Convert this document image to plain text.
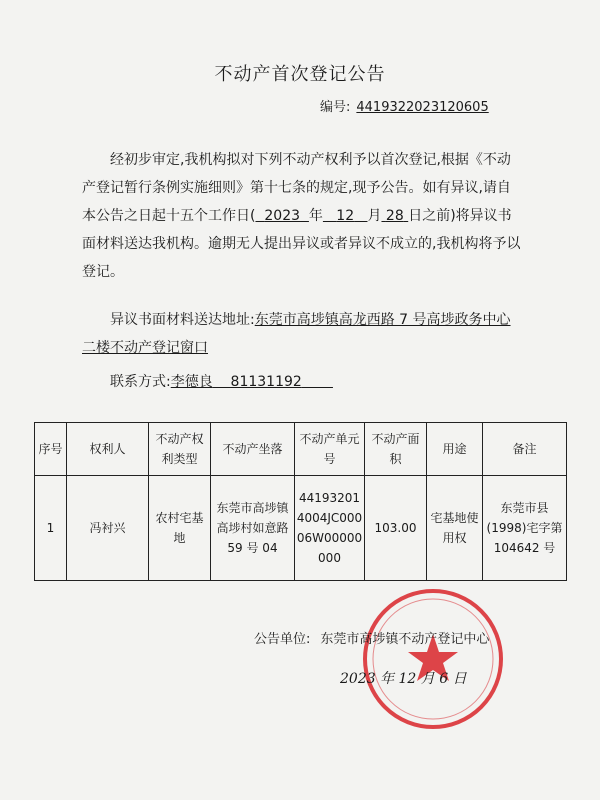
不动产首次登记公告
编号: 4419322023120605
经初步审定,我机构拟对下列不动产权利予以首次登记,根据《不动产登记暂行条例实施细则》第十七条的规定,现予公告。如有异议,请自本公告之日起十五个工作日( 2023 年 12 月 28 日之前)将异议书面材料送达我机构。逾期无人提出异议或者异议不成立的,我机构将予以登记。
异议书面材料送达地址:东莞市高埗镇高龙西路 7 号高埗政务中心二楼不动产登记窗口
联系方式:李德良 81131192
序号	权利人	不动产权利类型	不动产坐落	不动产单元号	不动产面积	用途	备注
1	冯衬兴	农村宅基地	东莞市高埗镇高埗村如意路 59 号 04	441932014004JC00006W00000000	103.00	宅基地使用权	东莞市县(1998)宅字第 104642 号
公告单位: 东莞市高埗镇不动产登记中心
2023 年 12 月 6 日
